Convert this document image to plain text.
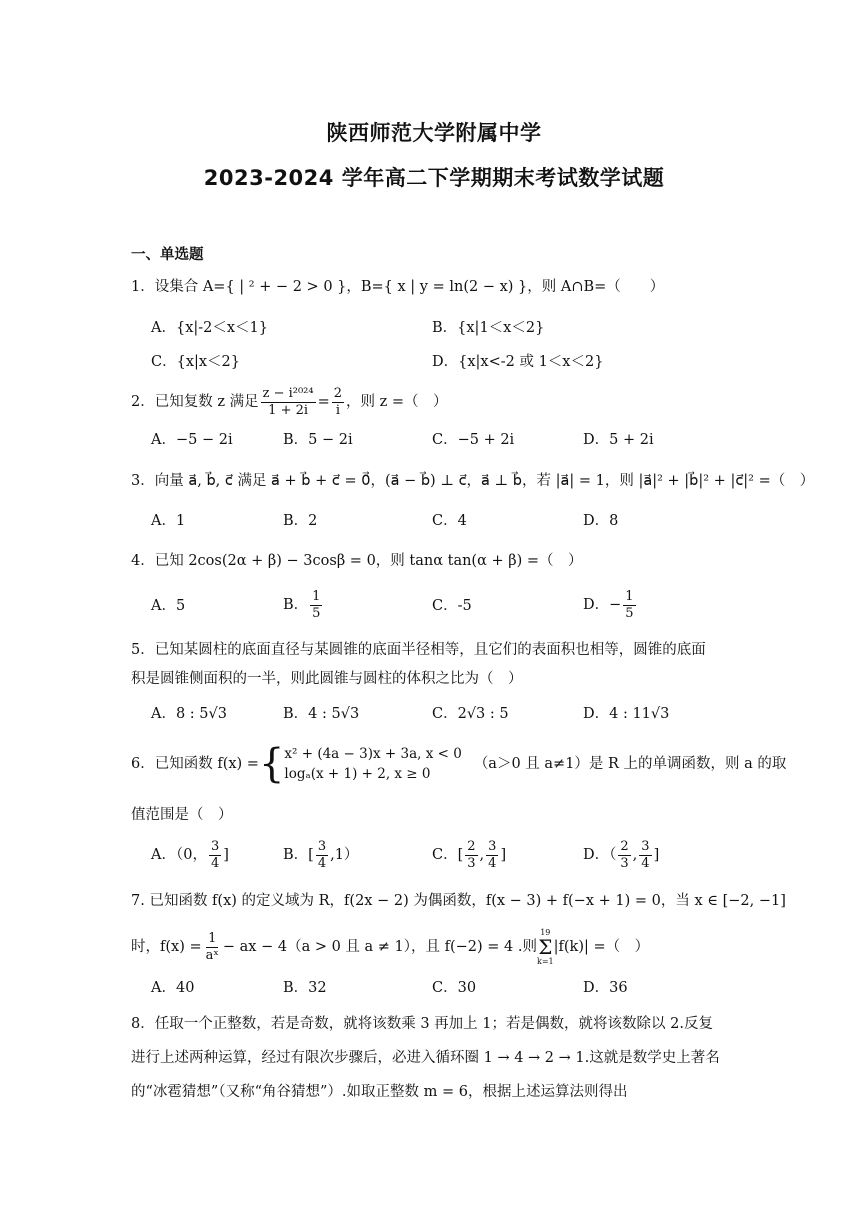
陕西师范大学附属中学
2023-2024 学年高二下学期期末考试数学试题
一、单选题
1．设集合 A={ | ² + − 2 > 0 }，B={ x | y = ln(2 − x) }，则 A∩B=（　　）
A．{x|-2＜x＜1}	B．{x|1＜x＜2}
C．{x|x＜2}	D．{x|x<-2 或 1＜x＜2}
2．已知复数 z 满足 $\frac{\text{z − i²⁰²⁴}}{1 + 2i} = \frac{2}{i}$ ，则 z =（　）
A．−5 − 2i	B．5 − 2i	C．−5 + 2i	D．5 + 2i
3．向量 a⃗, b⃗, c⃗ 满足 a⃗ + b⃗ + c⃗ = 0⃗，(a⃗ − b⃗) ⊥ c⃗，a⃗ ⊥ b⃗，若 |a⃗| = 1，则 |a⃗|² + |b⃗|² + |c⃗|² =（　）
A．1	B．2	C．4	D．8
4．已知 2cos(2α + β) − 3cosβ = 0，则 tanα tan(α + β) =（　）
A．5	B． $\frac{1}{5}$	C．-5	D．− $\frac{1}{5}$
5．已知某圆柱的底面直径与某圆锥的底面半径相等，且它们的表面积也相等，圆锥的底面
积是圆锥侧面积的一半，则此圆锥与圆柱的体积之比为（　）
A．8 : 5√3	B．4 : 5√3	C．2√3 : 5	D．4 : 11√3
6．已知函数 f(x) = { x² + (4a − 3)x + 3a, x < 0
logₐ(x + 1) + 2, x ≥ 0
（a＞0 且 a≠1）是 R 上的单调函数，则 a 的取
值范围是（　）
A．（0， $\frac{3}{4}$ ]	B．[ $\frac{3}{4} ,1$）	C．[ $\frac{2}{3}$ , $\frac{3}{4}$ ]	D．（ $\frac{2}{3}$ , $\frac{3}{4}$ ]
7. 已知函数 f(x) 的定义域为 R，f(2x − 2) 为偶函数，f(x − 3) + f(−x + 1) = 0，当 x ∈ [−2, −1]
时，$f(x) = \frac{1}{\text{aˣ}}$ − ax − 4（a > 0 且 a ≠ 1），且 f(−2) = 4 .则
19
Σ
k=1
|f(k)| =（　）
A．40	B．32	C．30	D．36
8．任取一个正整数，若是奇数，就将该数乘 3 再加上 1；若是偶数，就将该数除以 2.反复
进行上述两种运算，经过有限次步骤后，必进入循环圈 1 → 4 → 2 → 1.这就是数学史上著名
的“冰雹猜想”（又称“角谷猜想”）.如取正整数 m = 6，根据上述运算法则得出
